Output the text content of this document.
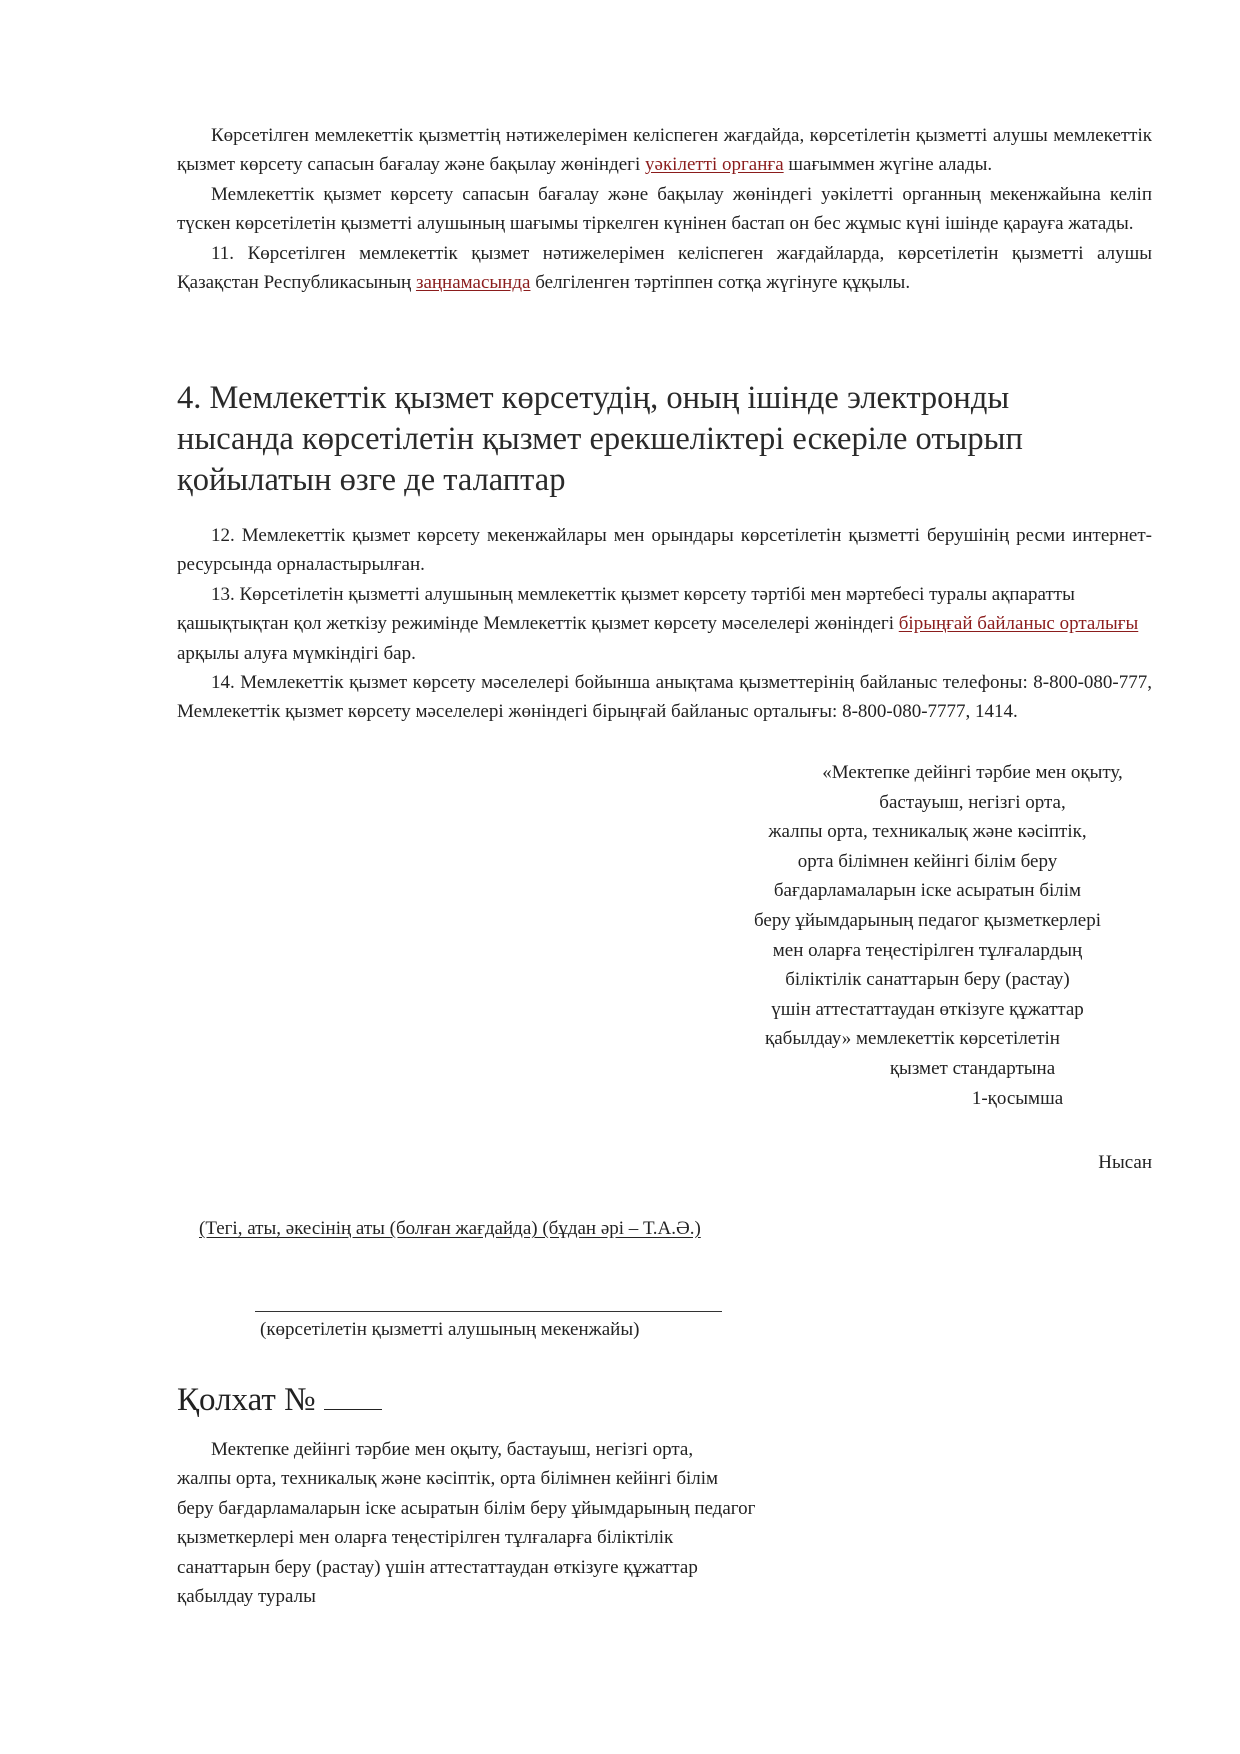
Көрсетілген мемлекеттік қызметтің нәтижелерімен келіспеген жағдайда, көрсетілетін қызметті алушы мемлекеттік қызмет көрсету сапасын бағалау және бақылау жөніндегі уәкілетті органға шағыммен жүгіне алады.

Мемлекеттік қызмет көрсету сапасын бағалау және бақылау жөніндегі уәкілетті органның мекенжайына келіп түскен көрсетілетін қызметті алушының шағымы тіркелген күнінен бастап он бес жұмыс күні ішінде қарауға жатады.

11. Көрсетілген мемлекеттік қызмет нәтижелерімен келіспеген жағдайларда, көрсетілетін қызметті алушы Қазақстан Республикасының заңнамасында белгіленген тәртіппен сотқа жүгінуге құқылы.

4. Мемлекеттік қызмет көрсетудің, оның ішінде электронды нысанда көрсетілетін қызмет ерекшеліктері ескеріле отырып қойылатын өзге де талаптар

12. Мемлекеттік қызмет көрсету мекенжайлары мен орындары көрсетілетін қызметті берушінің ресми интернет-ресурсында орналастырылған.

13. Көрсетілетін қызметті алушының мемлекеттік қызмет көрсету тәртібі мен мәртебесі туралы ақпаратты қашықтықтан қол жеткізу режимінде Мемлекеттік қызмет көрсету мәселелері жөніндегі бірыңғай байланыс орталығы арқылы алуға мүмкіндігі бар.

14. Мемлекеттік қызмет көрсету мәселелері бойынша анықтама қызметтерінің байланыс телефоны: 8-800-080-777, Мемлекеттік қызмет көрсету мәселелері жөніндегі бірыңғай байланыс орталығы: 8-800-080-7777, 1414.

«Мектепке дейінгі тәрбие мен оқыту,
бастауыш, негізгі орта,
жалпы орта, техникалық және кәсіптік,
орта білімнен кейінгі білім беру
бағдарламаларын іске асыратын білім
беру ұйымдарының педагог қызметкерлері
мен оларға теңестірілген тұлғалардың
біліктілік санаттарын беру (растау)
үшін аттестаттаудан өткізуге құжаттар
қабылдау» мемлекеттік көрсетілетін
қызмет стандартына
1-қосымша

Нысан

(Тегі, аты, әкесінің аты (болған жағдайда) (бұдан әрі – Т.А.Ә.)

(көрсетілетін қызметті алушының мекенжайы)

Қолхат №
Мектепке дейінгі тәрбие мен оқыту, бастауыш, негізгі орта,
жалпы орта, техникалық және кәсіптік, орта білімнен кейінгі білім
беру бағдарламаларын іске асыратын білім беру ұйымдарының педагог
қызметкерлері мен оларға теңестірілген тұлғаларға біліктілік
санаттарын беру (растау) үшін аттестаттаудан өткізуге құжаттар
қабылдау туралы
